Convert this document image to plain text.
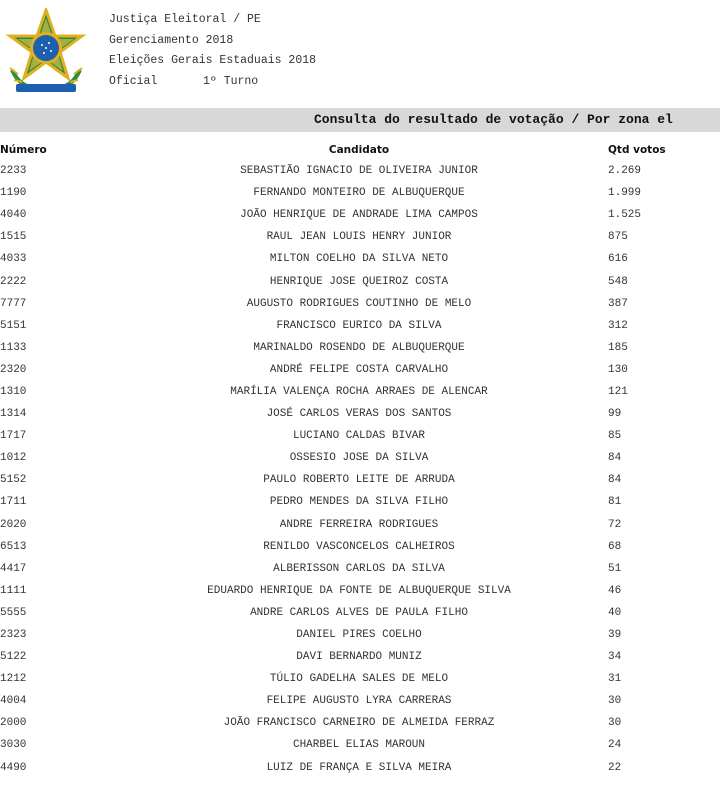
Justiça Eleitoral / PE
Gerenciamento 2018
Eleições Gerais Estaduais 2018
Oficial	1º Turno
Consulta do resultado de votação / Por zona el
Número	Candidato	Qtd votos
2233	SEBASTIÃO IGNACIO DE OLIVEIRA JUNIOR	2.269
1190	FERNANDO MONTEIRO DE ALBUQUERQUE	1.999
4040	JOÃO HENRIQUE DE ANDRADE LIMA CAMPOS	1.525
1515	RAUL JEAN LOUIS HENRY JUNIOR	875
4033	MILTON COELHO DA SILVA NETO	616
2222	HENRIQUE JOSE QUEIROZ COSTA	548
7777	AUGUSTO RODRIGUES COUTINHO DE MELO	387
5151	FRANCISCO EURICO DA SILVA	312
1133	MARINALDO ROSENDO DE ALBUQUERQUE	185
2320	ANDRÉ FELIPE COSTA CARVALHO	130
1310	MARÍLIA VALENÇA ROCHA ARRAES DE ALENCAR	121
1314	JOSÉ CARLOS VERAS DOS SANTOS	99
1717	LUCIANO CALDAS BIVAR	85
1012	OSSESIO JOSE DA SILVA	84
5152	PAULO ROBERTO LEITE DE ARRUDA	84
1711	PEDRO MENDES DA SILVA FILHO	81
2020	ANDRE FERREIRA RODRIGUES	72
6513	RENILDO VASCONCELOS CALHEIROS	68
4417	ALBERISSON CARLOS DA SILVA	51
1111	EDUARDO HENRIQUE DA FONTE DE ALBUQUERQUE SILVA	46
5555	ANDRE CARLOS ALVES DE PAULA FILHO	40
2323	DANIEL PIRES COELHO	39
5122	DAVI BERNARDO MUNIZ	34
1212	TÚLIO GADELHA SALES DE MELO	31
4004	FELIPE AUGUSTO LYRA CARRERAS	30
2000	JOÃO FRANCISCO CARNEIRO DE ALMEIDA FERRAZ	30
3030	CHARBEL ELIAS MAROUN	24
4490	LUIZ DE FRANÇA E SILVA MEIRA	22
